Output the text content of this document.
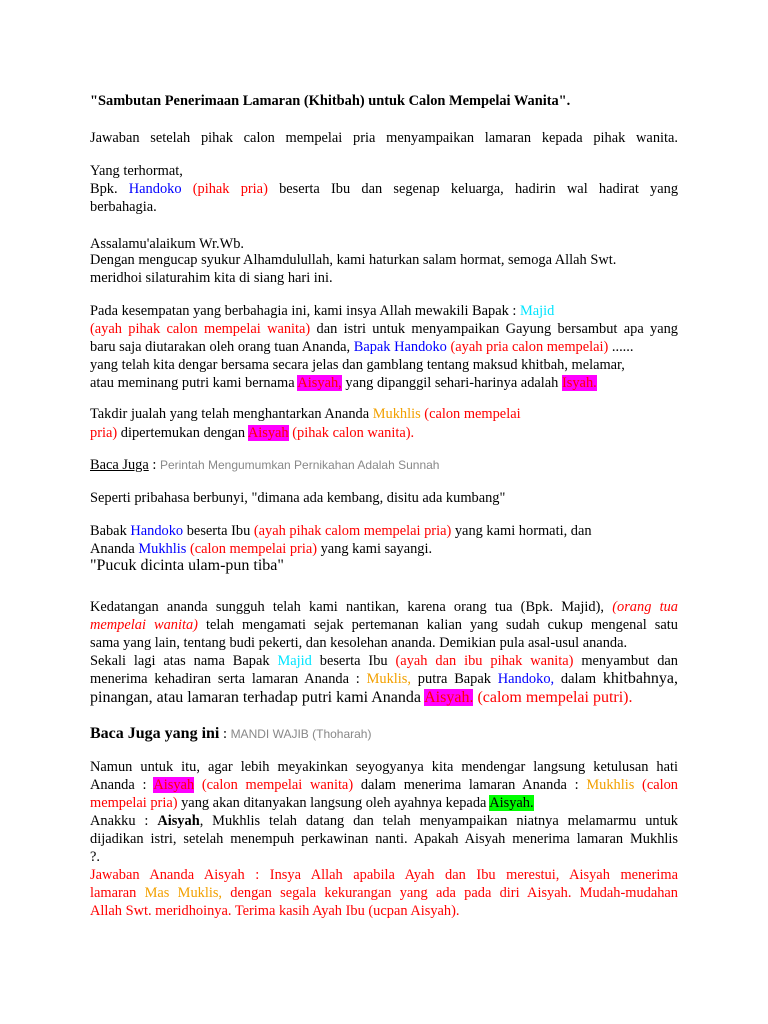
"Sambutan Penerimaan Lamaran (Khitbah) untuk Calon Mempelai Wanita".
Jawaban setelah pihak calon mempelai pria menyampaikan lamaran kepada pihak wanita.
Yang terhormat,
Bpk. Handoko (pihak pria) beserta Ibu dan segenap keluarga, hadirin wal hadirat yang
berbahagia.
Assalamu'alaikum Wr.Wb.
Dengan mengucap syukur Alhamdulullah, kami haturkan salam hormat, semoga Allah Swt.
meridhoi silaturahim kita di siang hari ini.
Pada kesempatan yang berbahagia ini, kami insya Allah mewakili Bapak : Majid
(ayah pihak calon mempelai wanita) dan istri untuk menyampaikan Gayung bersambut apa yang
baru saja diutarakan oleh orang tuan Ananda, Bapak Handoko (ayah pria calon mempelai) ......
yang telah kita dengar bersama secara jelas dan gamblang tentang maksud khitbah, melamar,
atau meminang putri kami bernama Aisyah, yang dipanggil sehari-harinya adalah Isyah.
Takdir jualah yang telah menghantarkan Ananda Mukhlis (calon mempelai
pria) dipertemukan dengan Aisyah (pihak calon wanita).
Baca Juga : Perintah Mengumumkan Pernikahan Adalah Sunnah
Seperti pribahasa berbunyi, "dimana ada kembang, disitu ada kumbang"
Babak Handoko beserta Ibu (ayah pihak calom mempelai pria) yang kami hormati, dan
Ananda Mukhlis (calon mempelai pria) yang kami sayangi.
"Pucuk dicinta ulam-pun tiba"
Kedatangan ananda sungguh telah kami nantikan, karena orang tua (Bpk. Majid), (orang tua
mempelai wanita) telah mengamati sejak pertemanan kalian yang sudah cukup mengenal satu
sama yang lain, tentang budi pekerti, dan kesolehan ananda. Demikian pula asal-usul ananda.
Sekali lagi atas nama Bapak Majid beserta Ibu (ayah dan ibu pihak wanita) menyambut dan
menerima kehadiran serta lamaran Ananda : Muklis, putra Bapak Handoko, dalam khitbahnya,
pinangan, atau lamaran terhadap putri kami Ananda Aisyah. (calom mempelai putri).
Baca Juga yang ini : MANDI WAJIB (Thoharah)
Namun untuk itu, agar lebih meyakinkan seyogyanya kita mendengar langsung ketulusan hati
Ananda : Aisyah (calon mempelai wanita) dalam menerima lamaran Ananda : Mukhlis (calon
mempelai pria) yang akan ditanyakan langsung oleh ayahnya kepada Aisyah.
Anakku : Aisyah, Mukhlis telah datang dan telah menyampaikan niatnya melamarmu untuk
dijadikan istri, setelah menempuh perkawinan nanti. Apakah Aisyah menerima lamaran Mukhlis
?.
Jawaban Ananda Aisyah : Insya Allah apabila Ayah dan Ibu merestui, Aisyah menerima
lamaran Mas Muklis, dengan segala kekurangan yang ada pada diri Aisyah. Mudah-mudahan
Allah Swt. meridhoinya. Terima kasih Ayah Ibu (ucpan Aisyah).
